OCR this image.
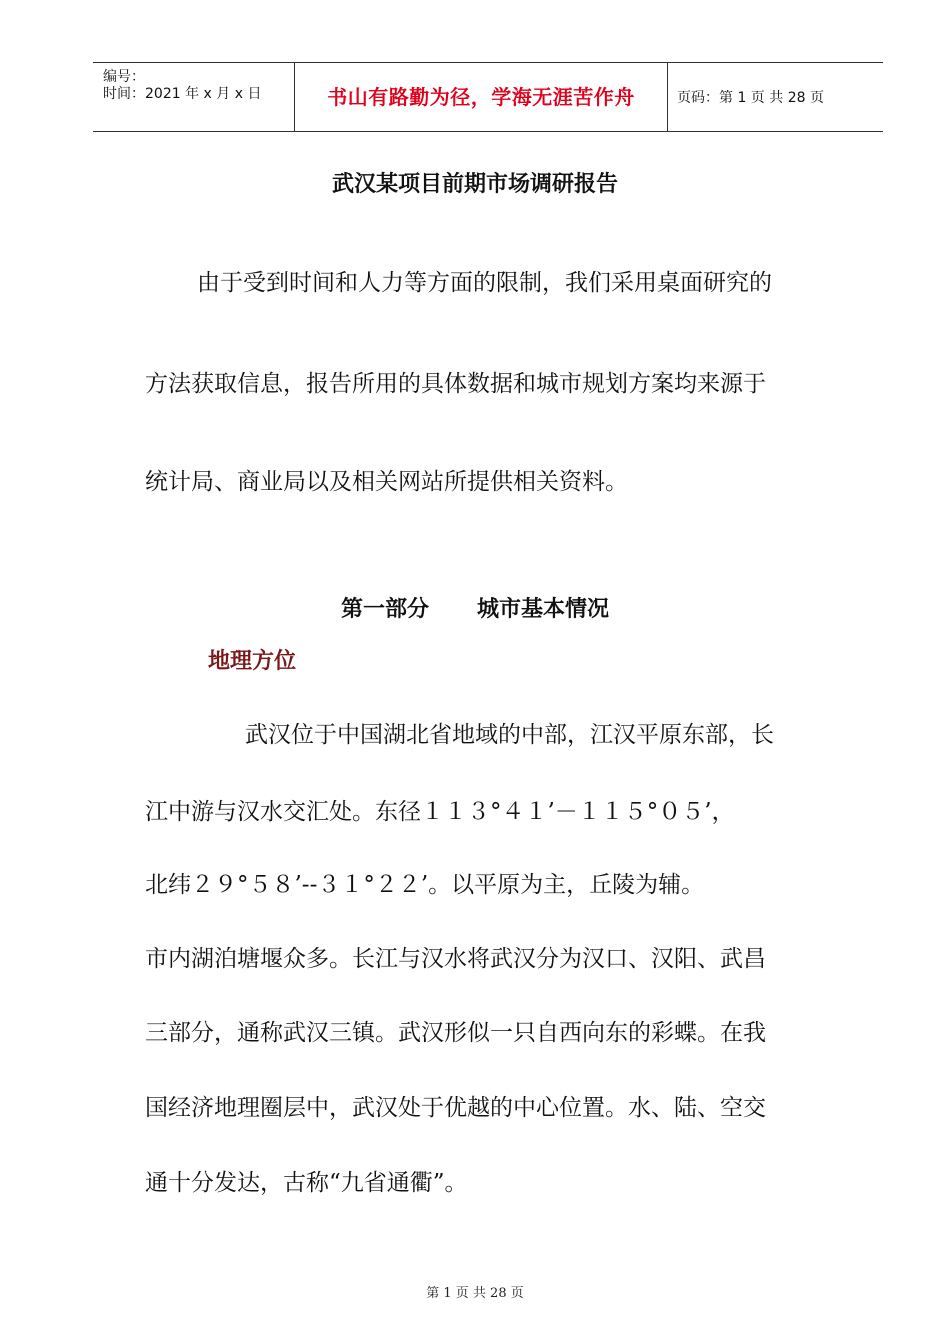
编号：
时间：2021 年 x 月 x 日	书山有路勤为径，学海无涯苦作舟	页码：第 1 页 共 28 页
武汉某项目前期市场调研报告
由于受到时间和人力等方面的限制，我们采用桌面研究的
方法获取信息，报告所用的具体数据和城市规划方案均来源于
统计局、商业局以及相关网站所提供相关资料。
第一部分 城市基本情况
地理方位
武汉位于中国湖北省地域的中部，江汉平原东部，长
江中游与汉水交汇处。东径１１３°４１’－１１５°０５’，
北纬２９°５８’--３１°２２’。以平原为主，丘陵为辅。
市内湖泊塘堰众多。长江与汉水将武汉分为汉口、汉阳、武昌
三部分，通称武汉三镇。武汉形似一只自西向东的彩蝶。在我
国经济地理圈层中，武汉处于优越的中心位置。水、陆、空交
通十分发达，古称“九省通衢”。
第 1 页 共 28 页
